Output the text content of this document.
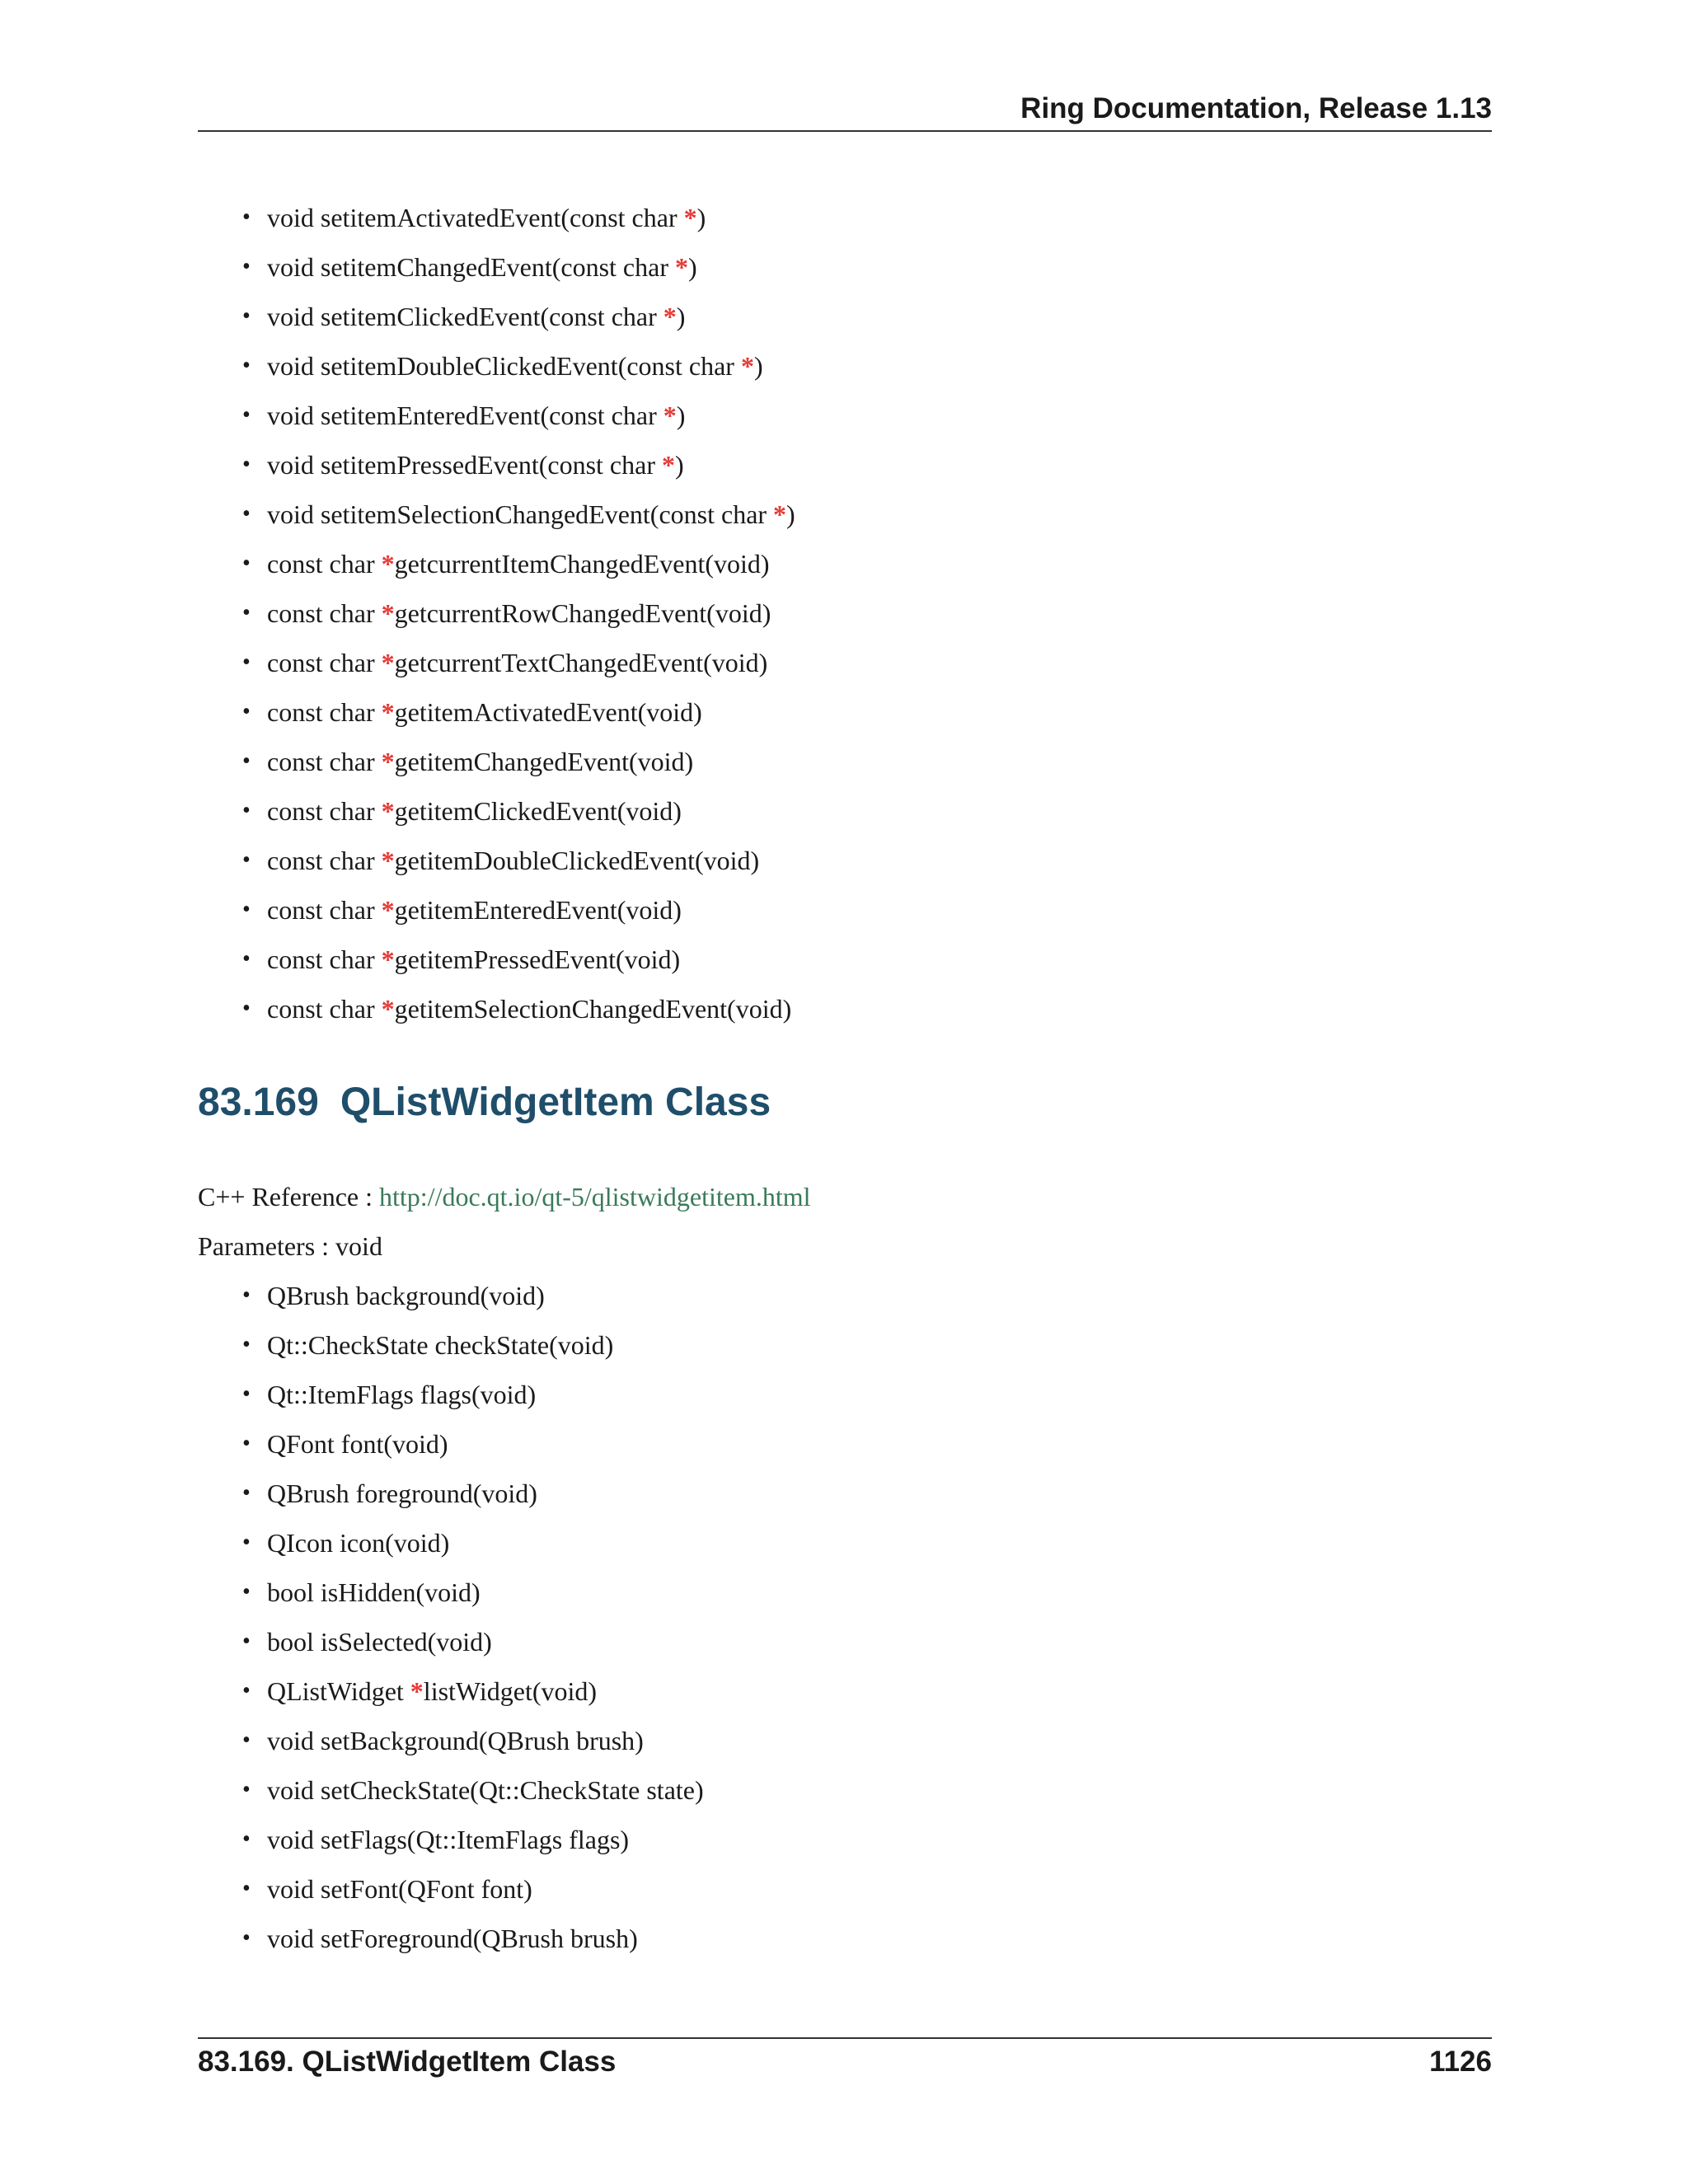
Ring Documentation, Release 1.13
• void setitemActivatedEvent(const char *)
• void setitemChangedEvent(const char *)
• void setitemClickedEvent(const char *)
• void setitemDoubleClickedEvent(const char *)
• void setitemEnteredEvent(const char *)
• void setitemPressedEvent(const char *)
• void setitemSelectionChangedEvent(const char *)
• const char *getcurrentItemChangedEvent(void)
• const char *getcurrentRowChangedEvent(void)
• const char *getcurrentTextChangedEvent(void)
• const char *getitemActivatedEvent(void)
• const char *getitemChangedEvent(void)
• const char *getitemClickedEvent(void)
• const char *getitemDoubleClickedEvent(void)
• const char *getitemEnteredEvent(void)
• const char *getitemPressedEvent(void)
• const char *getitemSelectionChangedEvent(void)
83.169 QListWidgetItem Class
C++ Reference : http://doc.qt.io/qt-5/qlistwidgetitem.html
Parameters : void
• QBrush background(void)
• Qt::CheckState checkState(void)
• Qt::ItemFlags flags(void)
• QFont font(void)
• QBrush foreground(void)
• QIcon icon(void)
• bool isHidden(void)
• bool isSelected(void)
• QListWidget *listWidget(void)
• void setBackground(QBrush brush)
• void setCheckState(Qt::CheckState state)
• void setFlags(Qt::ItemFlags flags)
• void setFont(QFont font)
• void setForeground(QBrush brush)
83.169. QListWidgetItem Class	1126
